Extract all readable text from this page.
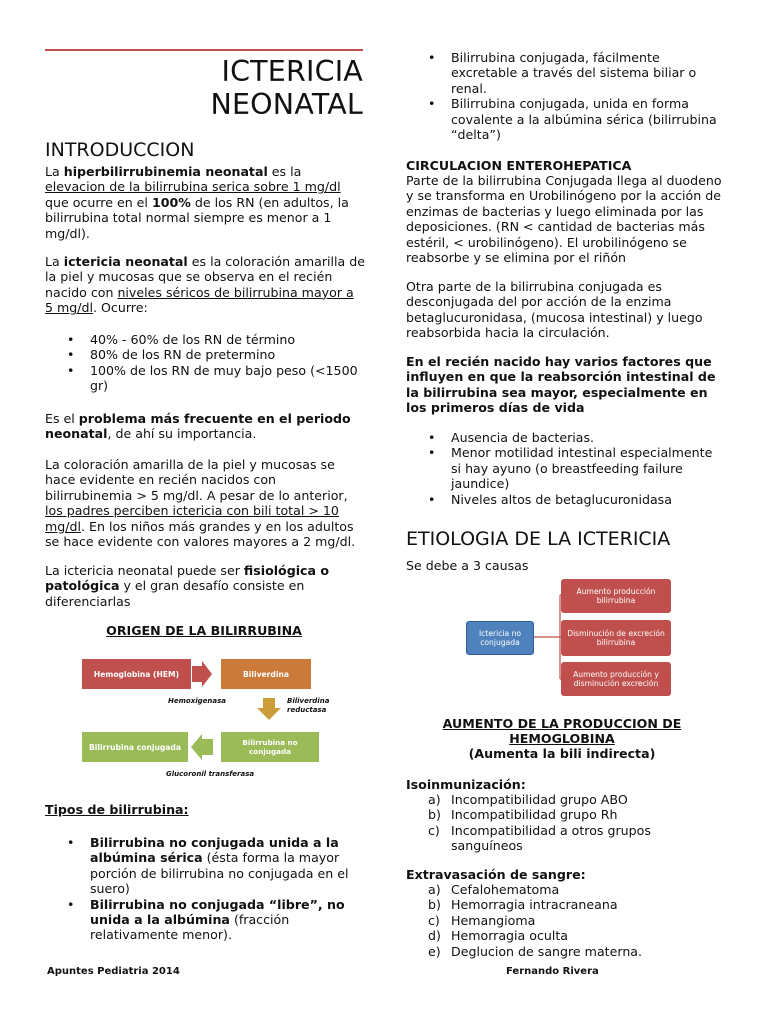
ICTERICIA
NEONATAL
INTRODUCCION

La hiperbilirrubinemia neonatal es la elevacion de la bilirrubina serica sobre 1 mg/dl que ocurre en el 100% de los RN (en adultos, la bilirrubina total normal siempre es menor a 1 mg/dl).

La ictericia neonatal es la coloración amarilla de la piel y mucosas que se observa en el recién nacido con niveles séricos de bilirrubina mayor a 5 mg/dl. Ocurre:

• 40% - 60% de los RN de término
• 80% de los RN de pretermino
• 100% de los RN de muy bajo peso (<1500 gr)

Es el problema más frecuente en el periodo neonatal, de ahí su importancia.

La coloración amarilla de la piel y mucosas se hace evidente en recién nacidos con bilirrubinemia > 5 mg/dl. A pesar de lo anterior, los padres perciben ictericia con bili total > 10 mg/dl. En los niños más grandes y en los adultos se hace evidente con valores mayores a 2 mg/dl.

La ictericia neonatal puede ser fisiológica o patológica y el gran desafío consiste en diferenciarlas

ORIGEN DE LA BILIRRUBINA
Hemoglobina (HEM)	Biliverdina
Hemoxigenasa	Biliverdina reductasa
Bilirrubina no conjugada
Bilirrubina conjugada
Glucoronil transferasa
Tipos de bilirrubina:
• Bilirrubina no conjugada unida a la albúmina sérica (ésta forma la mayor porción de bilirrubina no conjugada en el suero)
• Bilirrubina no conjugada “libre”, no unida a la albúmina (fracción relativamente menor).
Apuntes Pediatria 2014
• Bilirrubina conjugada, fácilmente excretable a través del sistema biliar o renal.
• Bilirrubina conjugada, unida en forma covalente a la albúmina sérica (bilirrubina “delta”)
CIRCULACION ENTEROHEPATICA

Parte de la bilirrubina Conjugada llega al duodeno y se transforma en Urobilinógeno por la acción de enzimas de bacterias y luego eliminada por las deposiciones. (RN < cantidad de bacterias más estéril, < urobilinógeno). El urobilinógeno se reabsorbe y se elimina por el riñón

Otra parte de la bilirrubina conjugada es desconjugada del por acción de la enzima betaglucuronidasa, (mucosa intestinal) y luego reabsorbida hacia la circulación.

En el recién nacido hay varios factores que influyen en que la reabsorción intestinal de la bilirrubina sea mayor, especialmente en los primeros días de vida

• Ausencia de bacterias.
• Menor motilidad intestinal especialmente si hay ayuno (o breastfeeding failure jaundice)
• Niveles altos de betaglucuronidasa
ETIOLOGIA DE LA ICTERICIA
Se debe a 3 causas
Ictericia no conjugada
Aumento producción bilirrubina
Disminución de excreción bilirrubina
Aumento producción y disminución excreción
AUMENTO DE LA PRODUCCION DE HEMOGLOBINA
(Aumenta la bili indirecta)
Isoinmunización:
a) Incompatibilidad grupo ABO
b) Incompatibilidad grupo Rh
c) Incompatibilidad a otros grupos sanguíneos
Extravasación de sangre:
a) Cefalohematoma
b) Hemorragia intracraneana
c) Hemangioma
d) Hemorragia oculta
e) Deglucion de sangre materna.
Fernando Rivera
